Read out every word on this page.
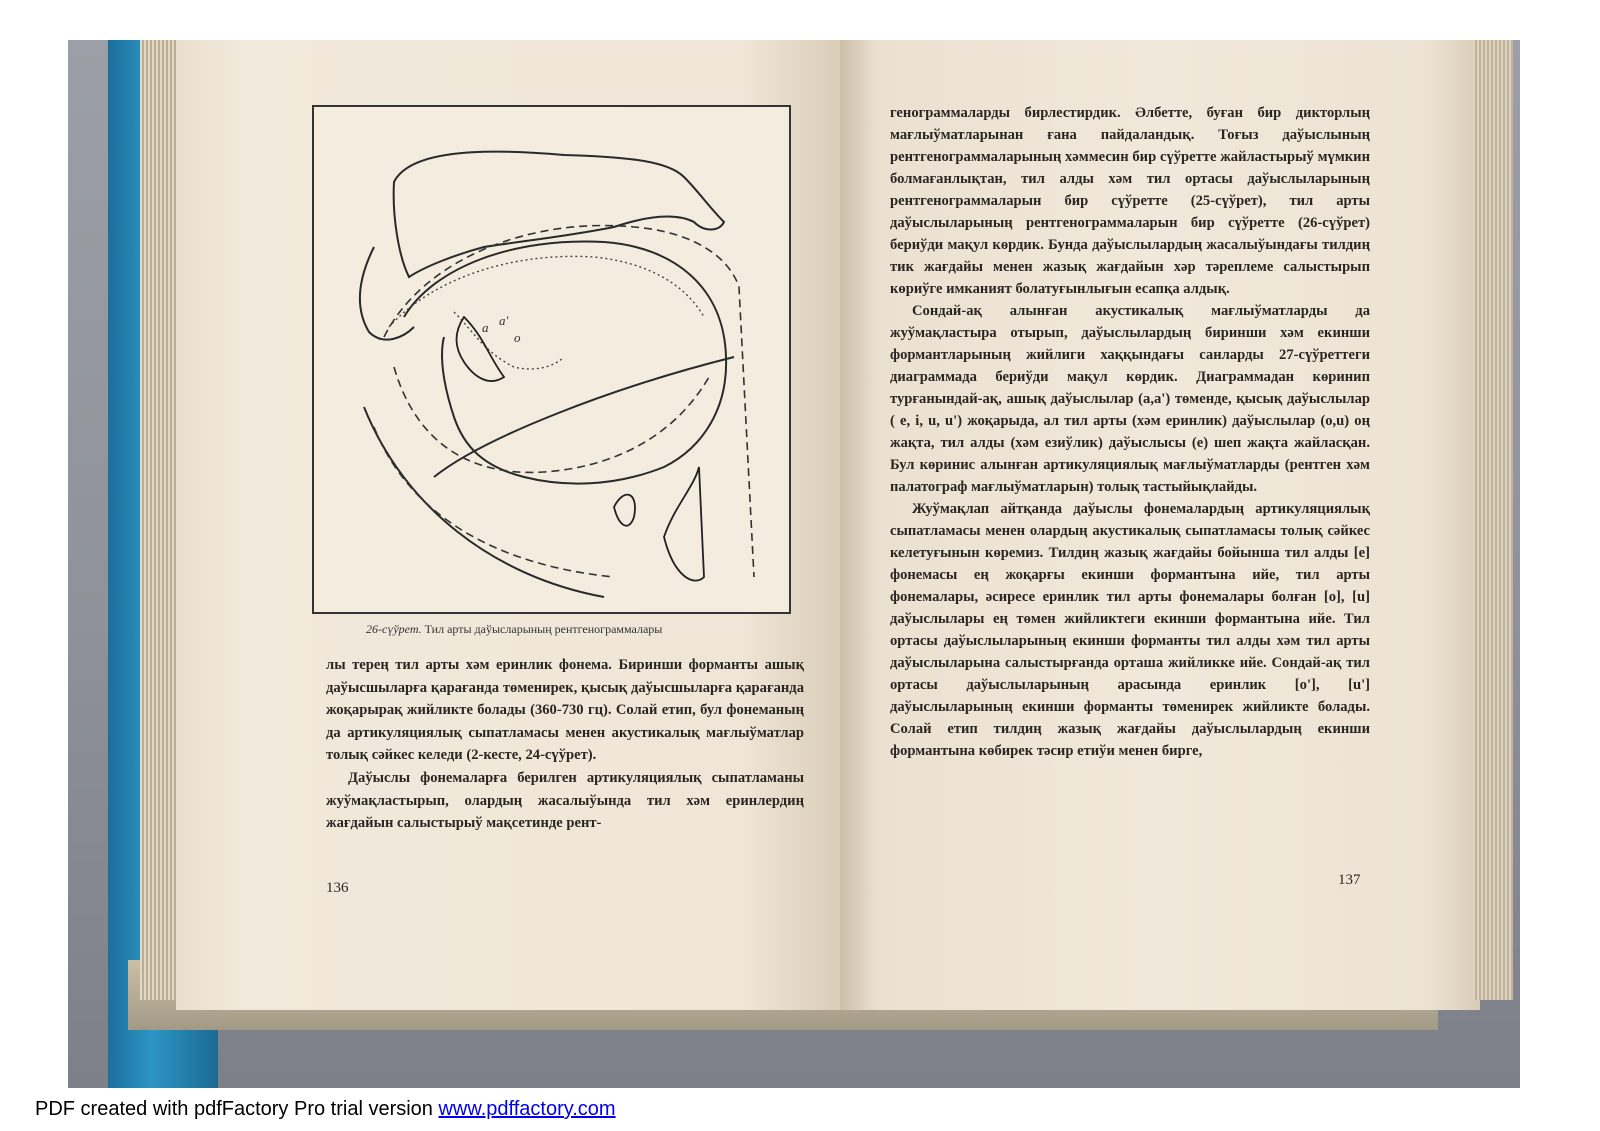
a a'
o
26-сүўрет. Тил арты даўысларының рентгенограммалары

лы терең тил арты хәм еринлик фонема. Биринши форманты ашық даўысшыларға қарағанда төменирек, қысық даўысшыларға қарағанда жоқарырақ жийликте болады (360-730 гц). Солай етип, бул фонеманың да артикуляциялық сыпатламасы менен акустикалық мағлыўматлар толық сәйкес келеди (2-кесте, 24-сүўрет).

Даўыслы фонемаларға берилген артикуляциялық сыпатламаны жуўмақластырып, олардың жасалыўында тил хәм еринлердиң жағдайын салыстырыў мақсетинде рент-

136

генограммаларды бирлестирдик. Әлбетте, буған бир дикторлың мағлыўматларынан ғана пайдаландық. Тоғыз даўыслының рентгенограммаларының хәммесин бир сүўретте жайластырыў мүмкин болмағанлықтан, тил алды хәм тил ортасы даўыслыларының рентгенограммаларын бир сүўретте (25-сүўрет), тил арты даўыслыларының рентгенограммаларын бир сүўретте (26-сүўрет) бериўди мақул көрдик. Бунда даўыслылардың жасалыўындағы тилдиң тик жағдайы менен жазық жағдайын хәр тәреплеме салыстырып көриўге имканият болатуғынлығын есапқа алдық.

Сондай-ақ алынған акустикалық мағлыўматларды да жуўмақластыра отырып, даўыслылардың биринши хәм екинши формантларының жийлиги хаққындағы санларды 27-сүўреттеги диаграммада бериўди мақул көрдик. Диаграммадан көринип турғанындай-ақ, ашық даўыслылар (a,a') төменде, қысық даўыслылар ( e, i, u, u') жоқарыда, ал тил арты (хәм еринлик) даўыслылар (o,u) оң жақта, тил алды (хәм езиўлик) даўыслысы (e) шеп жақта жайласқан. Бул көринис алынған артикуляциялық мағлыўматларды (рентген хәм палатограф мағлыўматларын) толық тастыйықлайды.

Жуўмақлап айтқанда даўыслы фонемалардың артикуляциялық сыпатламасы менен олардың акустикалық сыпатламасы толық сәйкес келетуғынын көремиз. Тилдиң жазық жағдайы бойынша тил алды [e] фонемасы ең жоқарғы екинши формантына ийе, тил арты фонемалары, әсиресе еринлик тил арты фонемалары болған [o], [u] даўыслылары ең төмен жийликтеги екинши формантына ийе. Тил ортасы даўыслыларының екинши форманты тил алды хәм тил арты даўыслыларына салыстырғанда орташа жийликке ийе. Сондай-ақ тил ортасы даўыслыларының арасында еринлик [o'], [u'] даўыслыларының екинши форманты төменирек жийликте болады. Солай етип тилдиң жазық жағдайы даўыслылардың екинши формантына көбирек тәсир етиўи менен бирге,

137
PDF created with pdfFactory Pro trial version www.pdffactory.com
